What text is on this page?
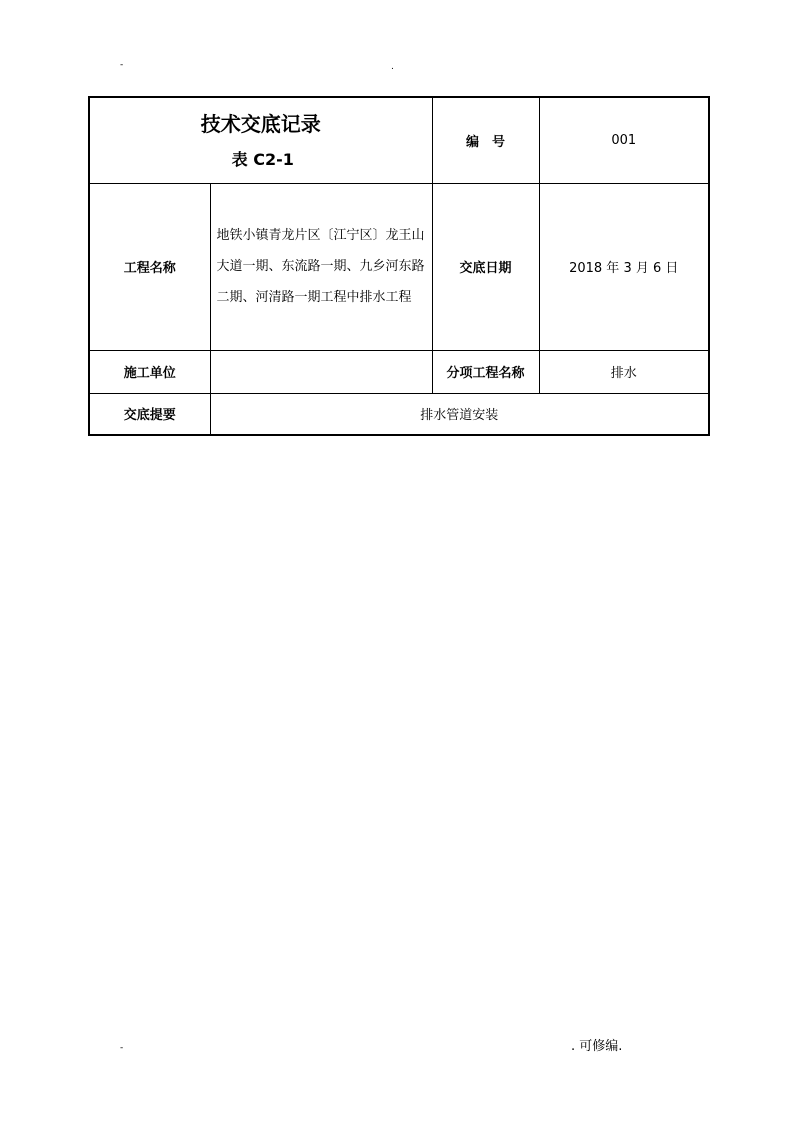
-	.
技术交底记录
表 C2-1		编　号	001
工程名称	地铁小镇青龙片区〔江宁区〕龙王山大道一期、东流路一期、九乡河东路二期、河清路一期工程中排水工程	交底日期	2018 年 3 月 6 日
施工单位		分项工程名称	排水
交底提要	排水管道安装		
-	. 可修编.
